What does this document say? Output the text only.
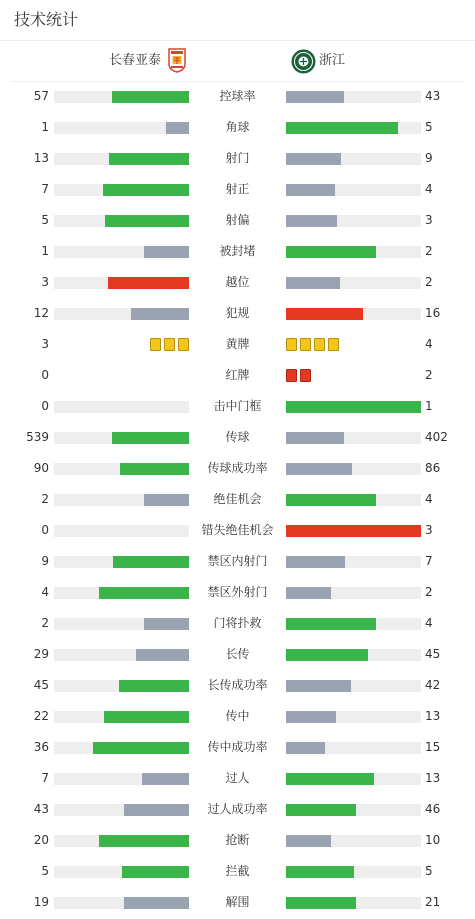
技术统计
长春亚泰	浙江
57	控球率	43
1	角球	5
13	射门	9
7	射正	4
5	射偏	3
1	被封堵	2
3	越位	2
12	犯规	16
3	黄牌	4
0	红牌	2
0	击中门框	1
539	传球	402
90	传球成功率	86
2	绝佳机会	4
0	错失绝佳机会	3
9	禁区内射门	7
4	禁区外射门	2
2	门将扑救	4
29	长传	45
45	长传成功率	42
22	传中	13
36	传中成功率	15
7	过人	13
43	过人成功率	46
20	抢断	10
5	拦截	5
19	解围	21
